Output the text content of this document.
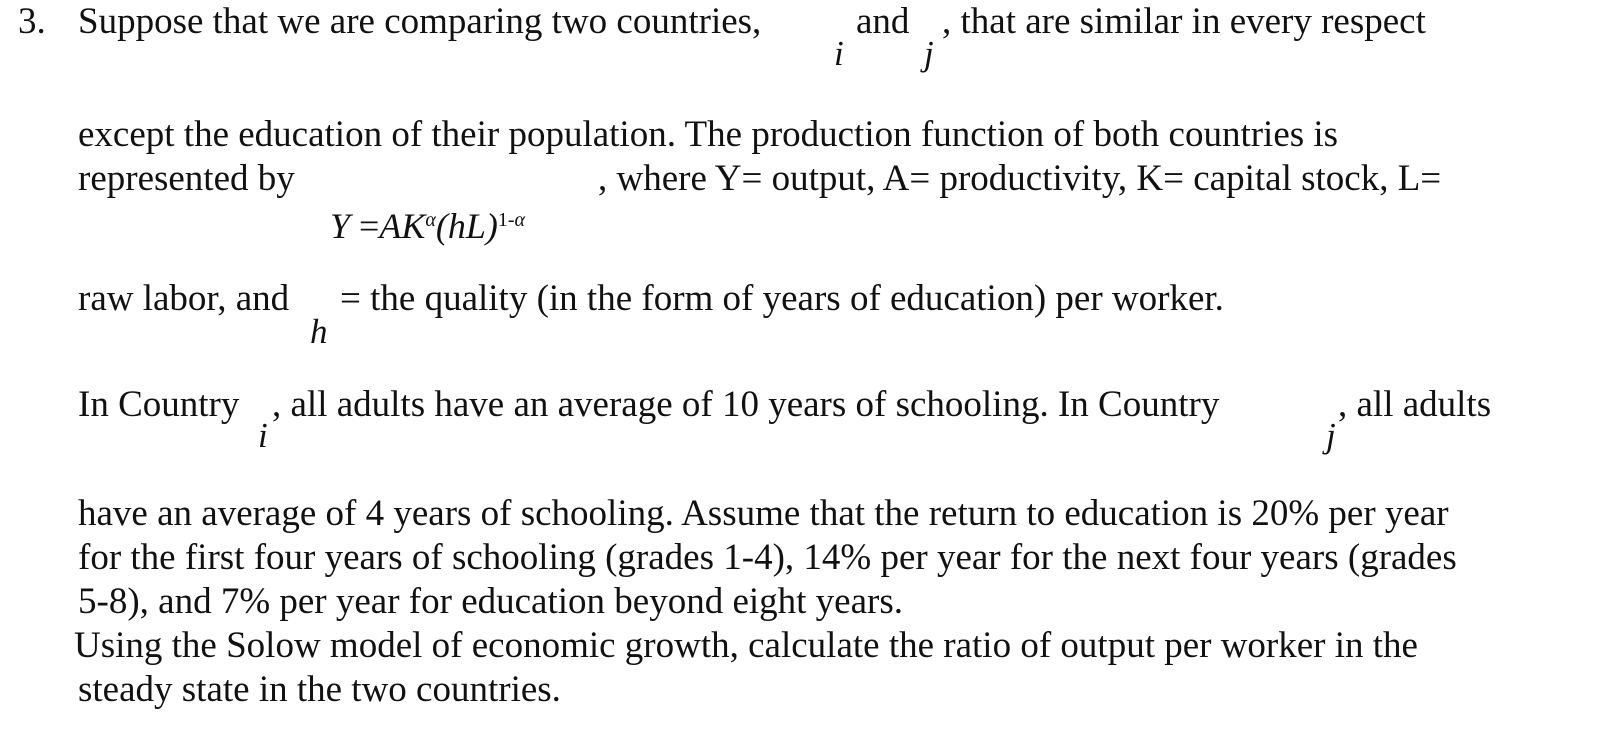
3. Suppose that we are comparing two countries,
i
and
j
, that are similar in every respect
except the education of their population. The production function of both countries is
represented by	, where Y= output, A= productivity, K= capital stock, L=
$Y =AK^\alpha(hL)^{1-\alpha}$
raw labor, and
h
= the quality (in the form of years of education) per worker.
In Country
i
, all adults have an average of 10 years of schooling. In Country
j
, all adults
have an average of 4 years of schooling. Assume that the return to education is 20% per year
for the first four years of schooling (grades 1-4), 14% per year for the next four years (grades
5-8), and 7% per year for education beyond eight years.
Using the Solow model of economic growth, calculate the ratio of output per worker in the
steady state in the two countries.
